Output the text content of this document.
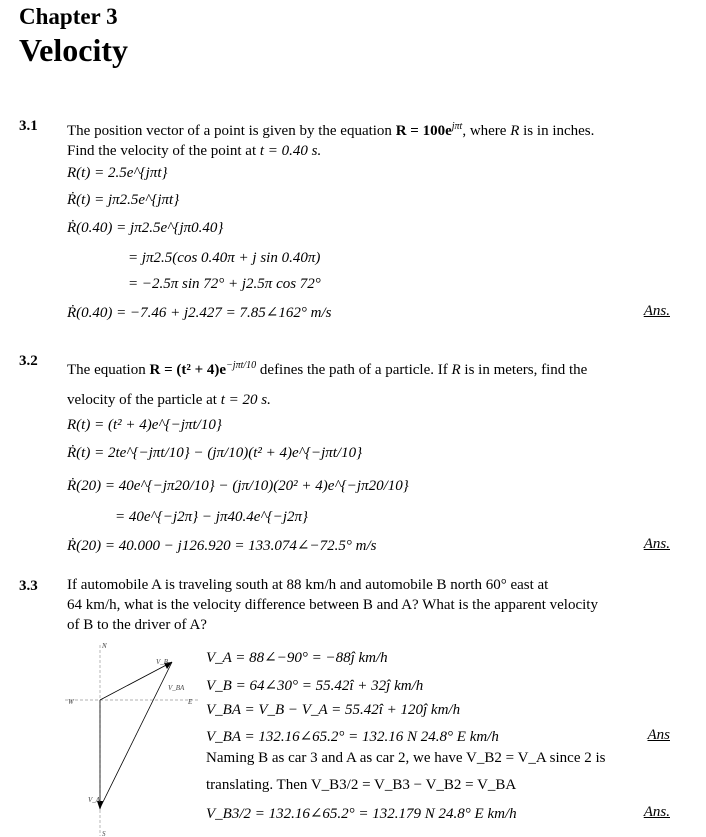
Chapter 3
Velocity
3.1 The position vector of a point is given by the equation $R = 100e^{j\pi t}$, where R is in inches.
Find the velocity of the point at t = 0.40 s.
R(t) = 2.5e^{jπt}
Ṙ(t) = jπ2.5e^{jπt}
Ṙ(0.40) = jπ2.5e^{jπ0.40}
= jπ2.5(cos 0.40π + j sin 0.40π)
= −2.5π sin 72° + j2.5π cos 72°
Ṙ(0.40) = −7.46 + j2.427 = 7.85∠162° m/s	Ans.
3.2
The equation $R = (t^2 + 4)e^{-j\pi t/10}$ defines the path of a particle. If R is in meters, find the
velocity of the particle at t = 20 s.
R(t) = (t² + 4)e^{−jπt/10}
Ṙ(t) = 2te^{−jπt/10} − (jπ/10)(t² + 4)e^{−jπt/10}
Ṙ(20) = 40e^{−jπ20/10} − (jπ/10)(20² + 4)e^{−jπ20/10}
= 40e^{−j2π} − jπ40.4e^{−j2π}
Ṙ(20) = 40.000 − j126.920 = 133.074∠−72.5° m/s	Ans.
3.3 If automobile A is traveling south at 88 km/h and automobile B north 60° east at
64 km/h, what is the velocity difference between B and A? What is the apparent velocity
of B to the driver of A?
N
S
E
W
V_B
V_BA
V_A
V_A = 88∠−90° = −88ĵ km/h
V_B = 64∠30° = 55.42î + 32ĵ km/h
V_BA = V_B − V_A = 55.42î + 120ĵ km/h
V_BA = 132.16∠65.2° = 132.16 N 24.8° E km/h	Ans
Naming B as car 3 and A as car 2, we have V_B2 = V_A since 2 is
translating. Then V_B3/2 = V_B3 − V_B2 = V_BA
V_B3/2 = 132.16∠65.2° = 132.179 N 24.8° E km/h	Ans.
